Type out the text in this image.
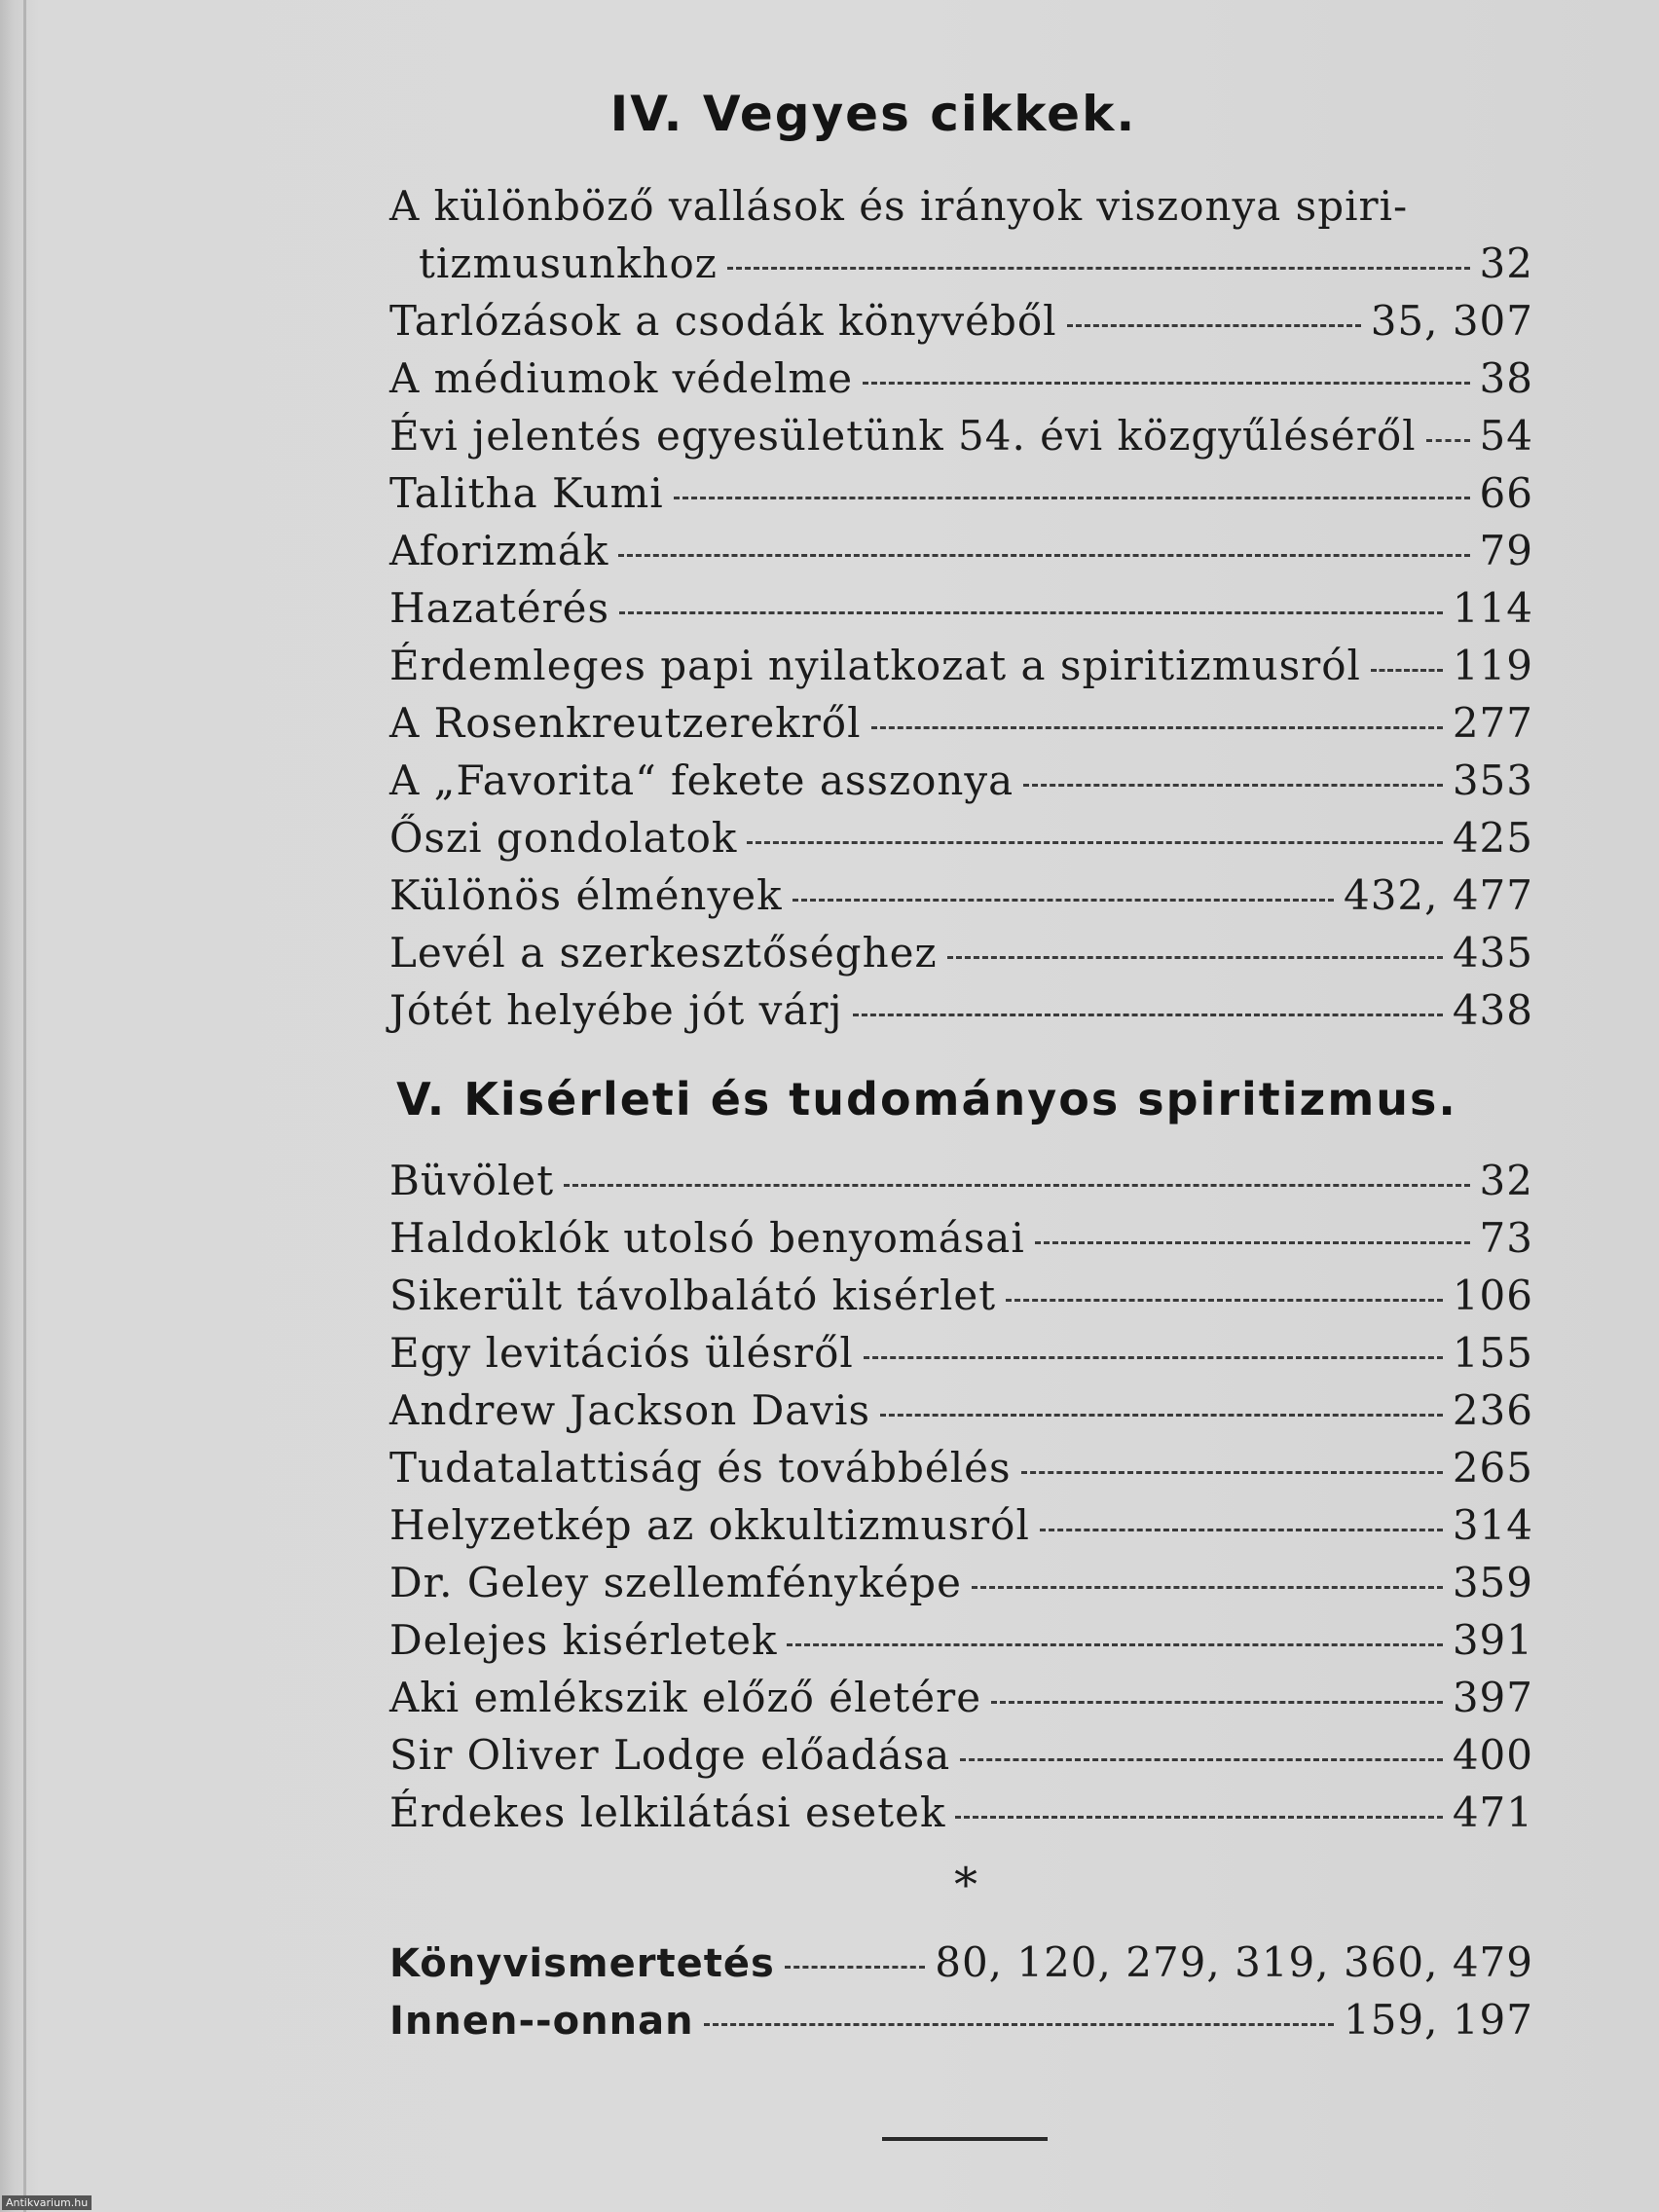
IV. Vegyes cikkek.
A különböző vallások és irányok viszonya spiri-
tizmusunkhoz	32
Tarlózások a csodák könyvéből	35, 307
A médiumok védelme	38
Évi jelentés egyesületünk 54. évi közgyűléséről 54
Talitha Kumi	66
Aforizmák	79
Hazatérés	114
Érdemleges papi nyilatkozat a spiritizmusról 119
A Rosenkreutzerekről	277
A „Favorita“ fekete asszonya	353
Őszi gondolatok	425
Különös élmények	432, 477
Levél a szerkesztőséghez	435
Jótét helyébe jót várj	438
V. Kisérleti és tudományos spiritizmus.
Büvölet	32
Haldoklók utolsó benyomásai	73
Sikerült távolbalátó kisérlet	106
Egy levitációs ülésről	155
Andrew Jackson Davis	236
Tudatalattiság és továbbélés	265
Helyzetkép az okkultizmusról	314
Dr. Geley szellemfényképe	359
Delejes kisérletek	391
Aki emlékszik előző életére	397
Sir Oliver Lodge előadása	400
Érdekes lelkilátási esetek	471
*
Könyvismertetés	80, 120, 279, 319, 360, 479
Innen--onnan	159, 197
Antikvarium.hu
